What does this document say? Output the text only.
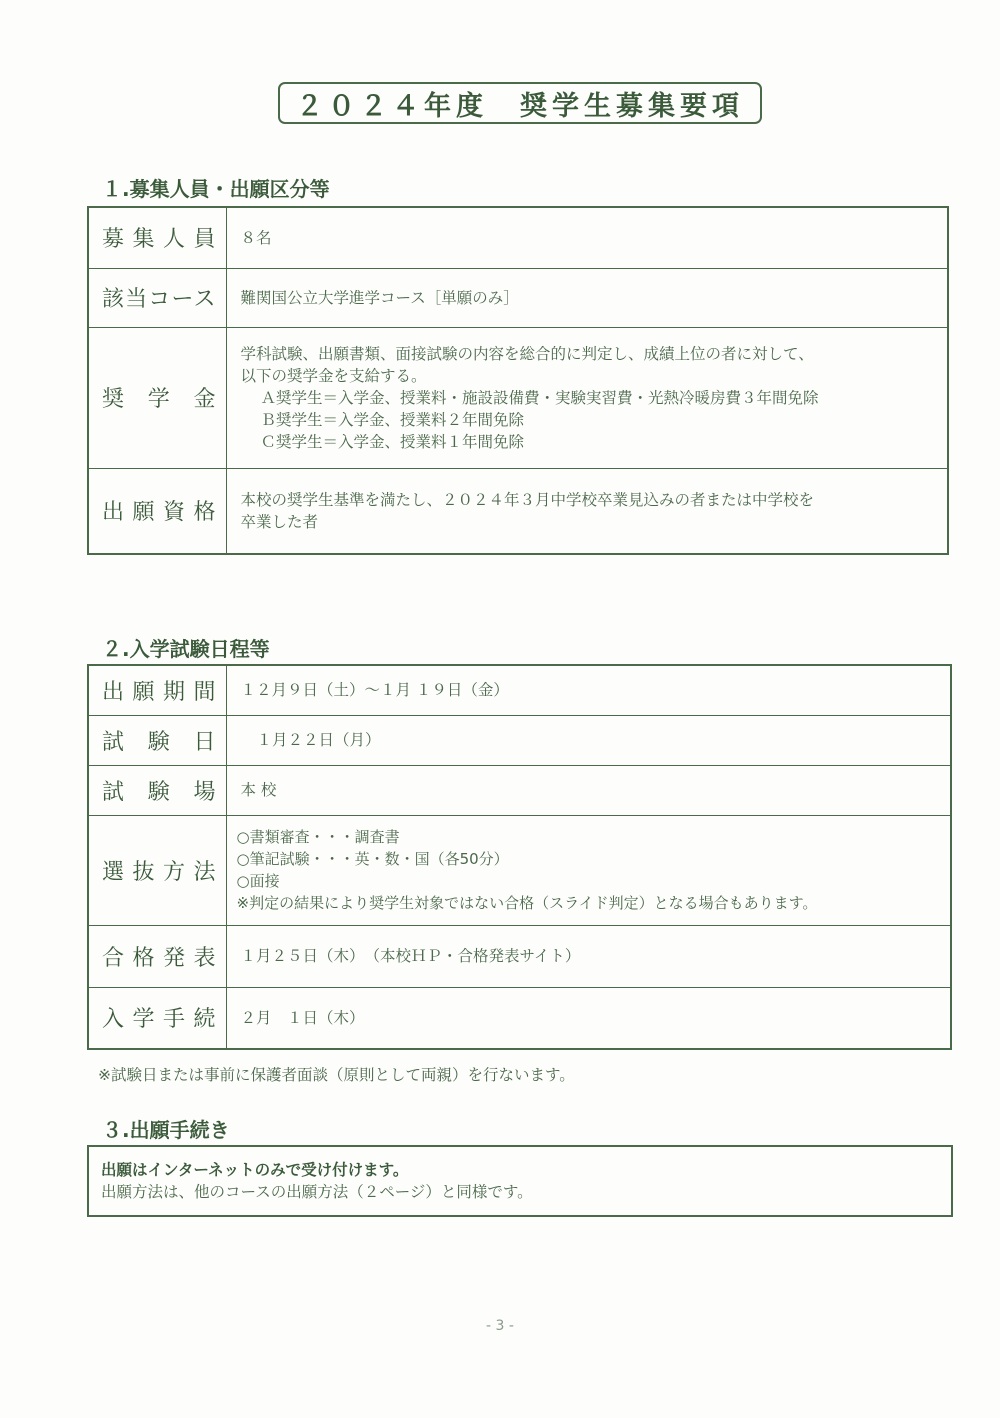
２０２４年度　奨学生募集要項
１.募集人員・出願区分等
募集人員	８名

該当コース	難関国公立大学進学コース［単願のみ］

奨学金	学科試験、出願書類、面接試験の内容を総合的に判定し、成績上位の者に対して、
以下の奨学金を支給する。
Ａ奨学生＝入学金、授業料・施設設備費・実験実習費・光熱冷暖房費３年間免除
Ｂ奨学生＝入学金、授業料２年間免除
Ｃ奨学生＝入学金、授業料１年間免除

出願資格	本校の奨学生基準を満たし、２０２４年３月中学校卒業見込みの者または中学校を
卒業した者
２.入学試験日程等
出願期間	１２月９日（土）～１月 １９日（金）

試験日	１月２２日（月）

試験場	本 校

選抜方法	○書類審査・・・調査書
○筆記試験・・・英・数・国（各50分）
○面接
※判定の結果により奨学生対象ではない合格（スライド判定）となる場合もあります。

合格発表	１月２５日（木）　（本校ＨＰ・合格発表サイト）

入学手続	２月　１日（木）
※試験日または事前に保護者面談（原則として両親）を行ないます。
３.出願手続き
出願はインターネットのみで受け付けます。
出願方法は、他のコースの出願方法（２ページ）と同様です。
- 3 -
